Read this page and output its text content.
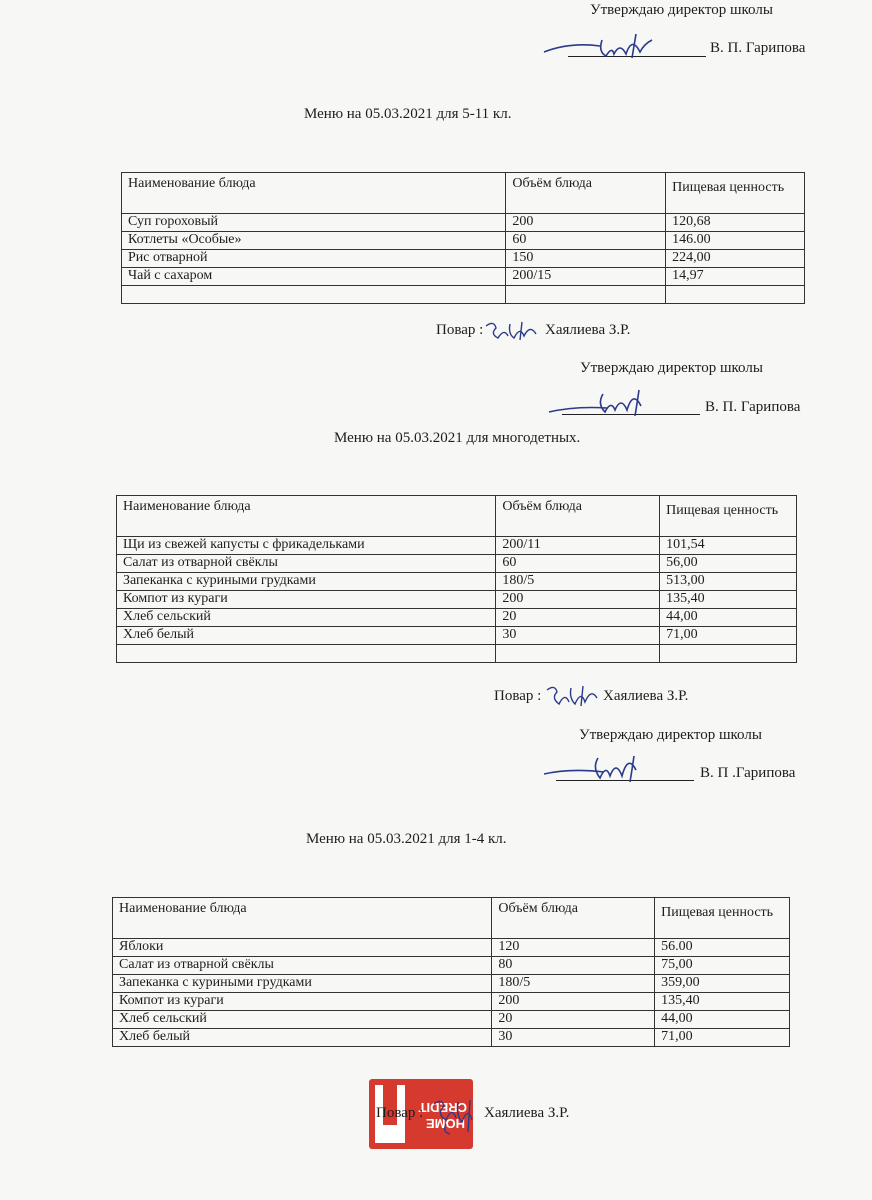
Утверждаю директор школы
В. П. Гарипова
Меню на 05.03.2021 для 5-11 кл.
Наименование блюда	Объём блюда	Пищевая ценность
Суп гороховый	200	120,68
Котлеты «Особые»	60	146.00
Рис отварной	150	224,00
Чай с сахаром	200/15	14,97

Повар :	Хаялиева З.Р.
Утверждаю директор школы
В. П. Гарипова
Меню на 05.03.2021 для многодетных.
Наименование блюда	Объём блюда	Пищевая ценность
Щи из свежей капусты с фрикадельками	200/11	101,54
Салат из отварной свёклы	60	56,00
Запеканка с куриными грудками	180/5	513,00
Компот из кураги	200	135,40
Хлеб сельский	20	44,00
Хлеб белый	30	71,00

Повар :	Хаялиева З.Р.
Утверждаю директор школы
В. П .Гарипова
Меню на 05.03.2021 для 1-4 кл.
Наименование блюда	Объём блюда	Пищевая ценность
Яблоки	120	56.00
Салат из отварной свёклы	80	75,00
Запеканка с куриными грудками	180/5	359,00
Компот из кураги	200	135,40
Хлеб сельский	20	44,00
Хлеб белый	30	71,00
HOME
CREDIT
Повар :	Хаялиева З.Р.
